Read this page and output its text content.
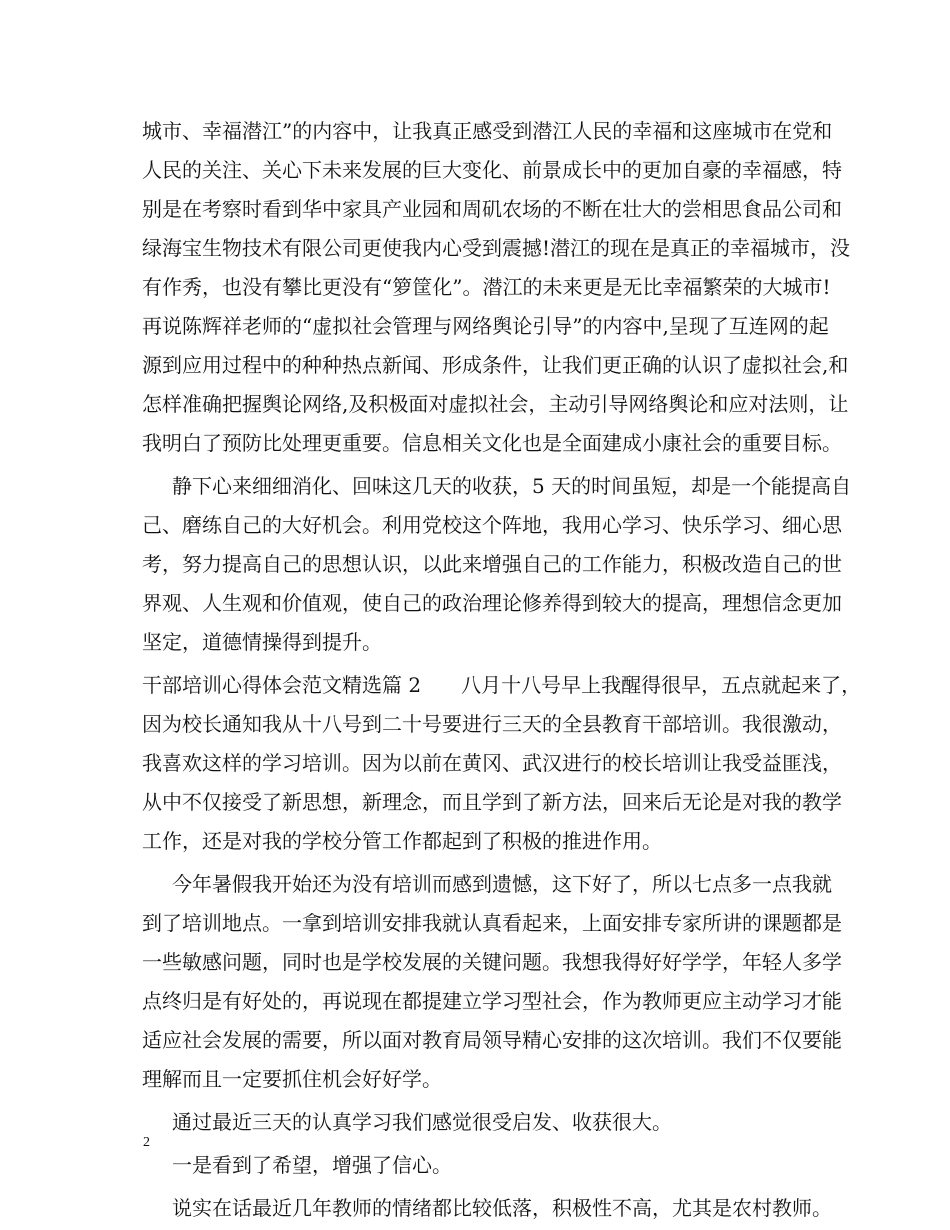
城市、幸福潜江”的内容中，让我真正感受到潜江人民的幸福和这座城市在党和
人民的关注、关心下未来发展的巨大变化、前景成长中的更加自豪的幸福感，特
别是在考察时看到华中家具产业园和周矶农场的不断在壮大的尝相思食品公司和
绿海宝生物技术有限公司更使我内心受到震撼!潜江的现在是真正的幸福城市，没
有作秀，也没有攀比更没有“箩筐化”。潜江的未来更是无比幸福繁荣的大城市!
再说陈辉祥老师的“虚拟社会管理与网络舆论引导”的内容中,呈现了互连网的起
源到应用过程中的种种热点新闻、形成条件，让我们更正确的认识了虚拟社会,和
怎样准确把握舆论网络,及积极面对虚拟社会，主动引导网络舆论和应对法则，让
我明白了预防比处理更重要。信息相关文化也是全面建成小康社会的重要目标。
静下心来细细消化、回味这几天的收获，5 天的时间虽短，却是一个能提高自
己、磨练自己的大好机会。利用党校这个阵地，我用心学习、快乐学习、细心思
考，努力提高自己的思想认识，以此来增强自己的工作能力，积极改造自己的世
界观、人生观和价值观，使自己的政治理论修养得到较大的提高，理想信念更加
坚定，道德情操得到提升。
干部培训心得体会范文精选篇 2　　八月十八号早上我醒得很早，五点就起来了，
因为校长通知我从十八号到二十号要进行三天的全县教育干部培训。我很激动，
我喜欢这样的学习培训。因为以前在黄冈、武汉进行的校长培训让我受益匪浅，
从中不仅接受了新思想，新理念，而且学到了新方法，回来后无论是对我的教学
工作，还是对我的学校分管工作都起到了积极的推进作用。
今年暑假我开始还为没有培训而感到遗憾，这下好了，所以七点多一点我就
到了培训地点。一拿到培训安排我就认真看起来，上面安排专家所讲的课题都是
一些敏感问题，同时也是学校发展的关键问题。我想我得好好学学，年轻人多学
点终归是有好处的，再说现在都提建立学习型社会，作为教师更应主动学习才能
适应社会发展的需要，所以面对教育局领导精心安排的这次培训。我们不仅要能
理解而且一定要抓住机会好好学。
通过最近三天的认真学习我们感觉很受启发、收获很大。
一是看到了希望，增强了信心。
说实在话最近几年教师的情绪都比较低落，积极性不高，尤其是农村教师。
2
